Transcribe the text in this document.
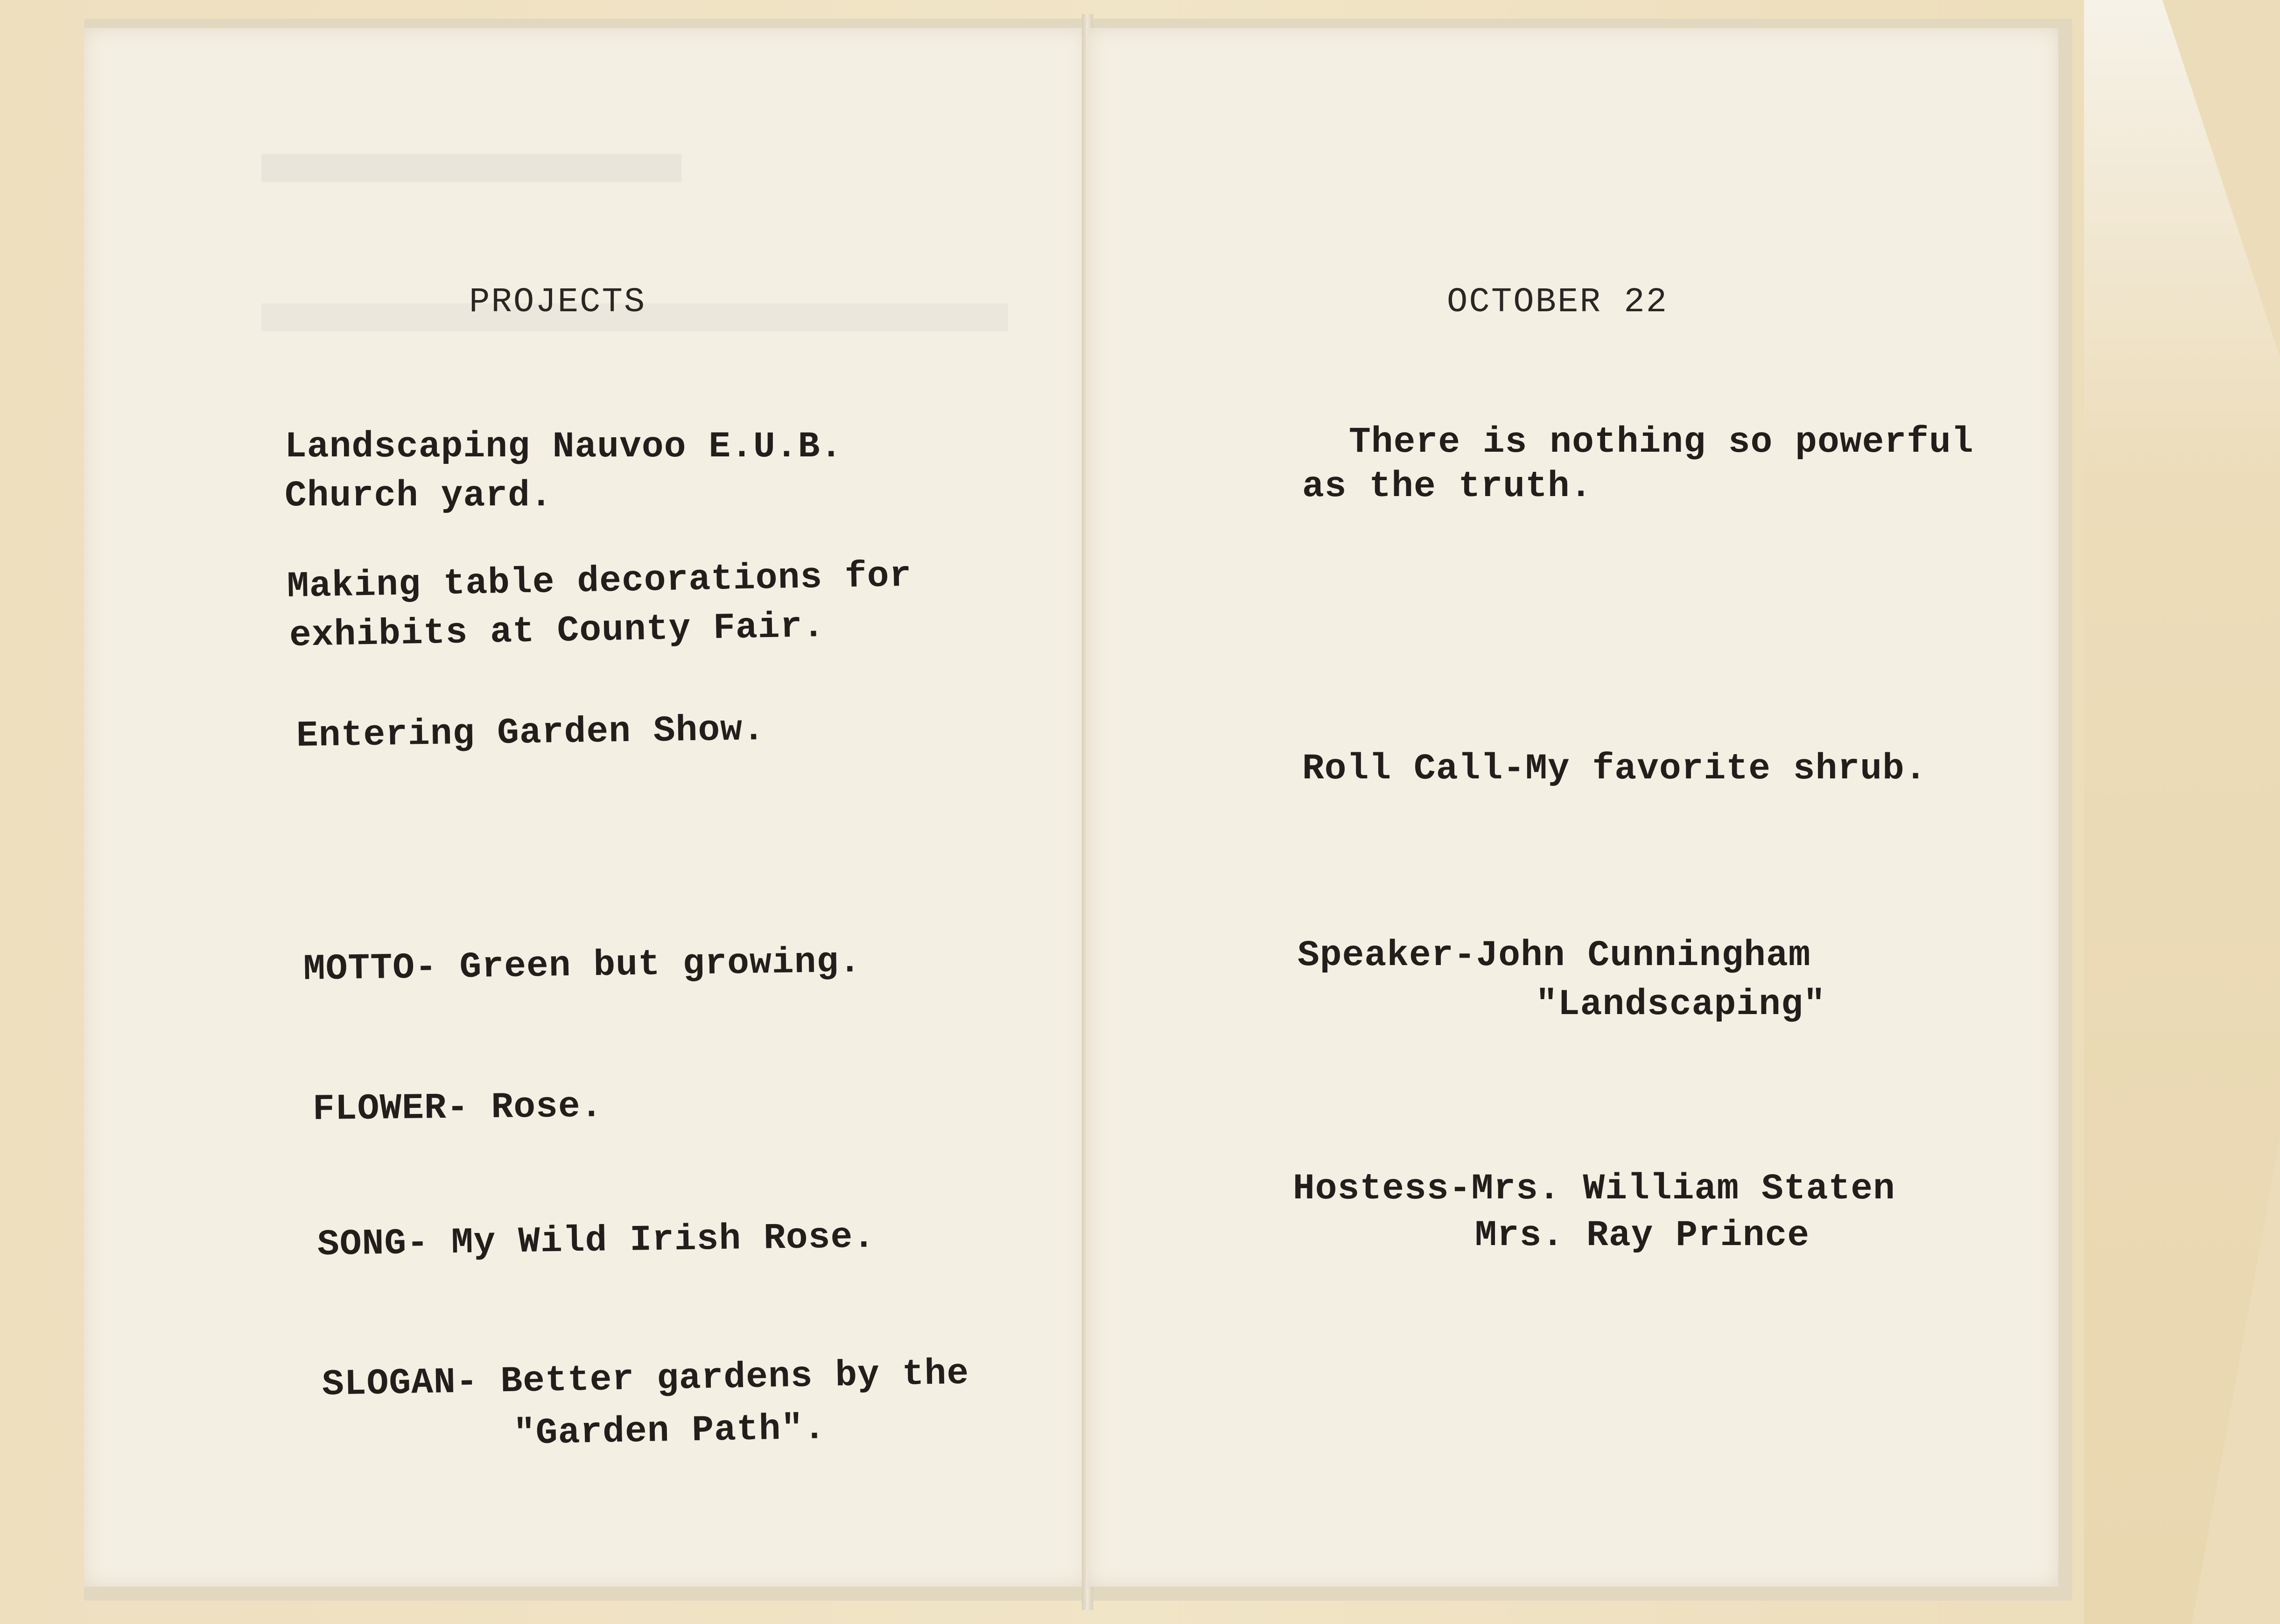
PROJECTS
Landscaping Nauvoo E.U.B.
Church yard.
Making table decorations for
exhibits at County Fair.
Entering Garden Show.
MOTTO- Green but growing.
FLOWER- Rose.
SONG- My Wild Irish Rose.
SLOGAN- Better gardens by the
"Garden Path".
OCTOBER 22
There is nothing so powerful
as the truth.
Roll Call-My favorite shrub.
Speaker-John Cunningham
"Landscaping"
Hostess-Mrs. William Staten
Mrs. Ray Prince
